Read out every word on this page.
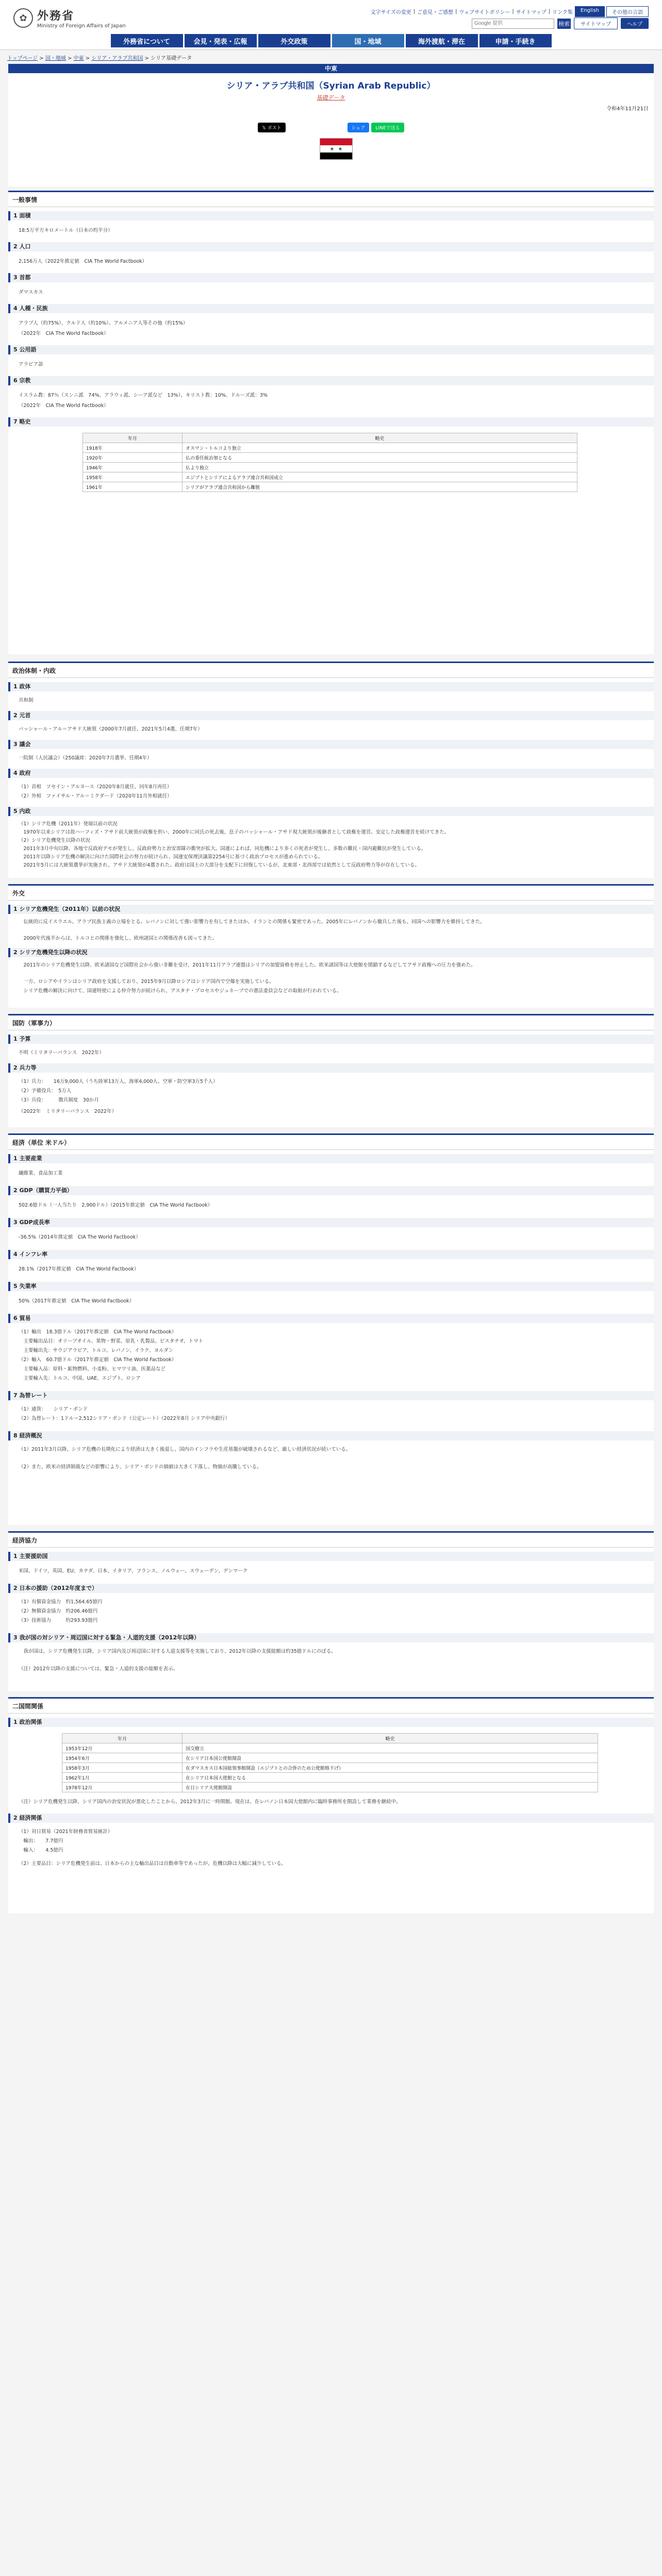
✿ 外務省
Ministry of Foreign Affairs of Japan
文字サイズの変更 | ご意見・ご感想 | ウェブサイトポリシー | サイトマップ | リンク集	English	その他の言語
Google 提供
検索	サイトマップ	ヘルプ
外務省について	会見・発表・広報	外交政策	国・地域	海外渡航・滞在	申請・手続き
トップページ > 国・地域 > 中東 > シリア・アラブ共和国 > シリア基礎データ
中東
シリア・アラブ共和国（Syrian Arab Republic）
基礎データ
令和4年11月21日
𝕏 ポスト	シェア	LINEで送る
一般事情
1 面積
18.5万平方キロメートル（日本の約半分）
2 人口
2,156万人（2022年推定値　CIA The World Factbook）
3 首都
ダマスカス
4 人種・民族
アラブ人（約75%）、クルド人（約10%）、アルメニア人等その他（約15%）
（2022年　CIA The World Factbook）
5 公用語
アラビア語
6 宗教
イスラム教：87％（スンニ派　74%、アラウィ派、シーア派など　13%）、キリスト教：10%、ドルーズ派：3%
（2022年　CIA The World Factbook）
7 略史
年月	略史
1918年	オスマン・トルコより独立
1920年	仏の委任統治領となる
1946年	仏より独立
1958年	エジプトとシリアによるアラブ連合共和国成立
1961年	シリアがアラブ連合共和国から離脱
政治体制・内政
1 政体
共和制
2 元首
バッシャール・アル＝アサド大統領（2000年7月就任、2021年5月4選、任期7年）
3 議会
一院制（人民議会）（250議席：2020年7月選挙、任期4年）
4 政府
（1）首相　フセイン・アルヌース（2020年8月就任、同年8月再任）
（2）外相　ファイサル・アル＝ミクダード（2020年11月外相就任）
5 内政
（1）シリア危機（2011年）発端以前の状況
　1970年以来シリアは故ハーフィズ・アサド前大統領が政権を担い、2000年に同氏の死去後、息子のバッシャール・アサド現大統領が後継者として政権を運営。安定した政権運営を続けてきた。
（2）シリア危機発生以降の状況
　2011年3月中旬以降、各地で反政府デモが発生し、反政府勢力と治安部隊の衝突が拡大。国連によれば、同危機により多くの死者が発生し、多数の難民・国内避難民が発生している。
　2011年以降シリア危機の解決に向けた国際社会の努力が続けられ、国連安保理決議第2254号に基づく政治プロセスが進められている。
　2021年5月には大統領選挙が実施され、アサド大統領が4選された。政府は国土の大部分を支配下に回復しているが、北東部・北西部では依然として反政府勢力等が存在している。
外交
1 シリア危機発生（2011年）以前の状況
　伝統的に反イスラエル、アラブ民族主義の立場をとる。レバノンに対して強い影響力を有してきたほか、イランとの関係も緊密であった。2005年にレバノンから撤兵した後も、同国への影響力を維持してきた。
　2000年代後半からは、トルコとの関係を強化し、欧州諸国との関係改善も図ってきた。
2 シリア危機発生以降の状況
　2011年のシリア危機発生以降、欧米諸国など国際社会から強い非難を受け、2011年11月アラブ連盟はシリアの加盟資格を停止した。欧米諸国等は大使館を閉鎖するなどしてアサド政権への圧力を強めた。
　一方、ロシアやイランはシリア政府を支援しており、2015年9月以降ロシアはシリア国内で空爆を実施している。
　シリア危機の解決に向けて、国連特使による仲介努力が続けられ、アスタナ・プロセスやジュネーブでの憲法委員会などの取組が行われている。
国防（軍事力）
1 予算
不明（ミリタリーバランス　2022年）
2 兵力等
（1）兵力：　　16万9,000人（うち陸軍13万人、海軍4,000人、空軍・防空軍3万5千人）
（2）予備役兵：　5万人
（3）兵役：　　　徴兵制度　30か月
（2022年　ミリタリーバランス　2022年）
経済（単位 米ドル）
1 主要産業
繊維業、食品加工業
2 GDP（購買力平価）
502.6億ドル（一人当たり　2,900ドル）（2015年推定値　CIA The World Factbook）
3 GDP成長率
-36.5%（2014年推定値　CIA The World Factbook）
4 インフレ率
28.1%（2017年推定値　CIA The World Factbook）
5 失業率
50%（2017年推定値　CIA The World Factbook）
6 貿易
（1）輸出　18.3億ドル（2017年推定値　CIA The World Factbook）
　主要輸出品目：オリーブオイル、果物・野菜、原乳・乳製品、ピスタチオ、トマト
　主要輸出先：サウジアラビア、トルコ、レバノン、イラク、ヨルダン
（2）輸入　60.7億ドル（2017年推定値　CIA The World Factbook）
　主要輸入品：原料・鉱物燃料、小麦粉、ヒマワリ油、医薬品など
　主要輸入先：トルコ、中国、UAE、エジプト、ロシア
7 為替レート
（1）通貨：　　シリア・ポンド
（2）為替レート：1ドル＝2,512シリア・ポンド（公定レート）（2022年8月 シリア中央銀行）
8 経済概況
（1）2011年3月以降、シリア危機の長期化により経済は大きく後退し、国内のインフラや生産基盤が破壊されるなど、厳しい経済状況が続いている。
（2）また、欧米の経済制裁などの影響により、シリア・ポンドの価値は大きく下落し、物価が高騰している。
経済協力
1 主要援助国
米国、ドイツ、英国、EU、カナダ、日本、イタリア、フランス、ノルウェー、スウェーデン、デンマーク
2 日本の援助（2012年度まで）
（1）有償資金協力　約1,564.65億円
（2）無償資金協力　約206.46億円
（3）技術協力　　　約293.93億円
3 我が国の対シリア・周辺国に対する緊急・人道的支援（2012年以降）
　我が国は、シリア危機発生以降、シリア国内及び周辺国に対する人道支援等を実施しており、2012年以降の支援総額は約35億ドルにのぼる。
（注）2012年以降の支援については、緊急・人道的支援の総額を表示。
二国間関係
1 政治関係
年月	略史
1953年12月	国交樹立
1954年6月	在シリア日本国公使館開設
1958年3月	在ダマスカス日本国総領事館開設（エジプトとの合併のため公使館格下げ）
1962年1月	在シリア日本国大使館となる
1978年12月	在日シリア大使館開設
（注）シリア危機発生以降、シリア国内の治安状況が悪化したことから、2012年3月に一時閉館。現在は、在レバノン日本国大使館内に臨時事務所を開設して業務を継続中。
2 経済関係
（1）対日貿易（2021年財務省貿易統計）
　輸出：　　7.7億円
　輸入：　　4.5億円
（2）主要品目：シリア危機発生前は、日本からの主な輸出品目は自動車等であったが、危機以降は大幅に減少している。
